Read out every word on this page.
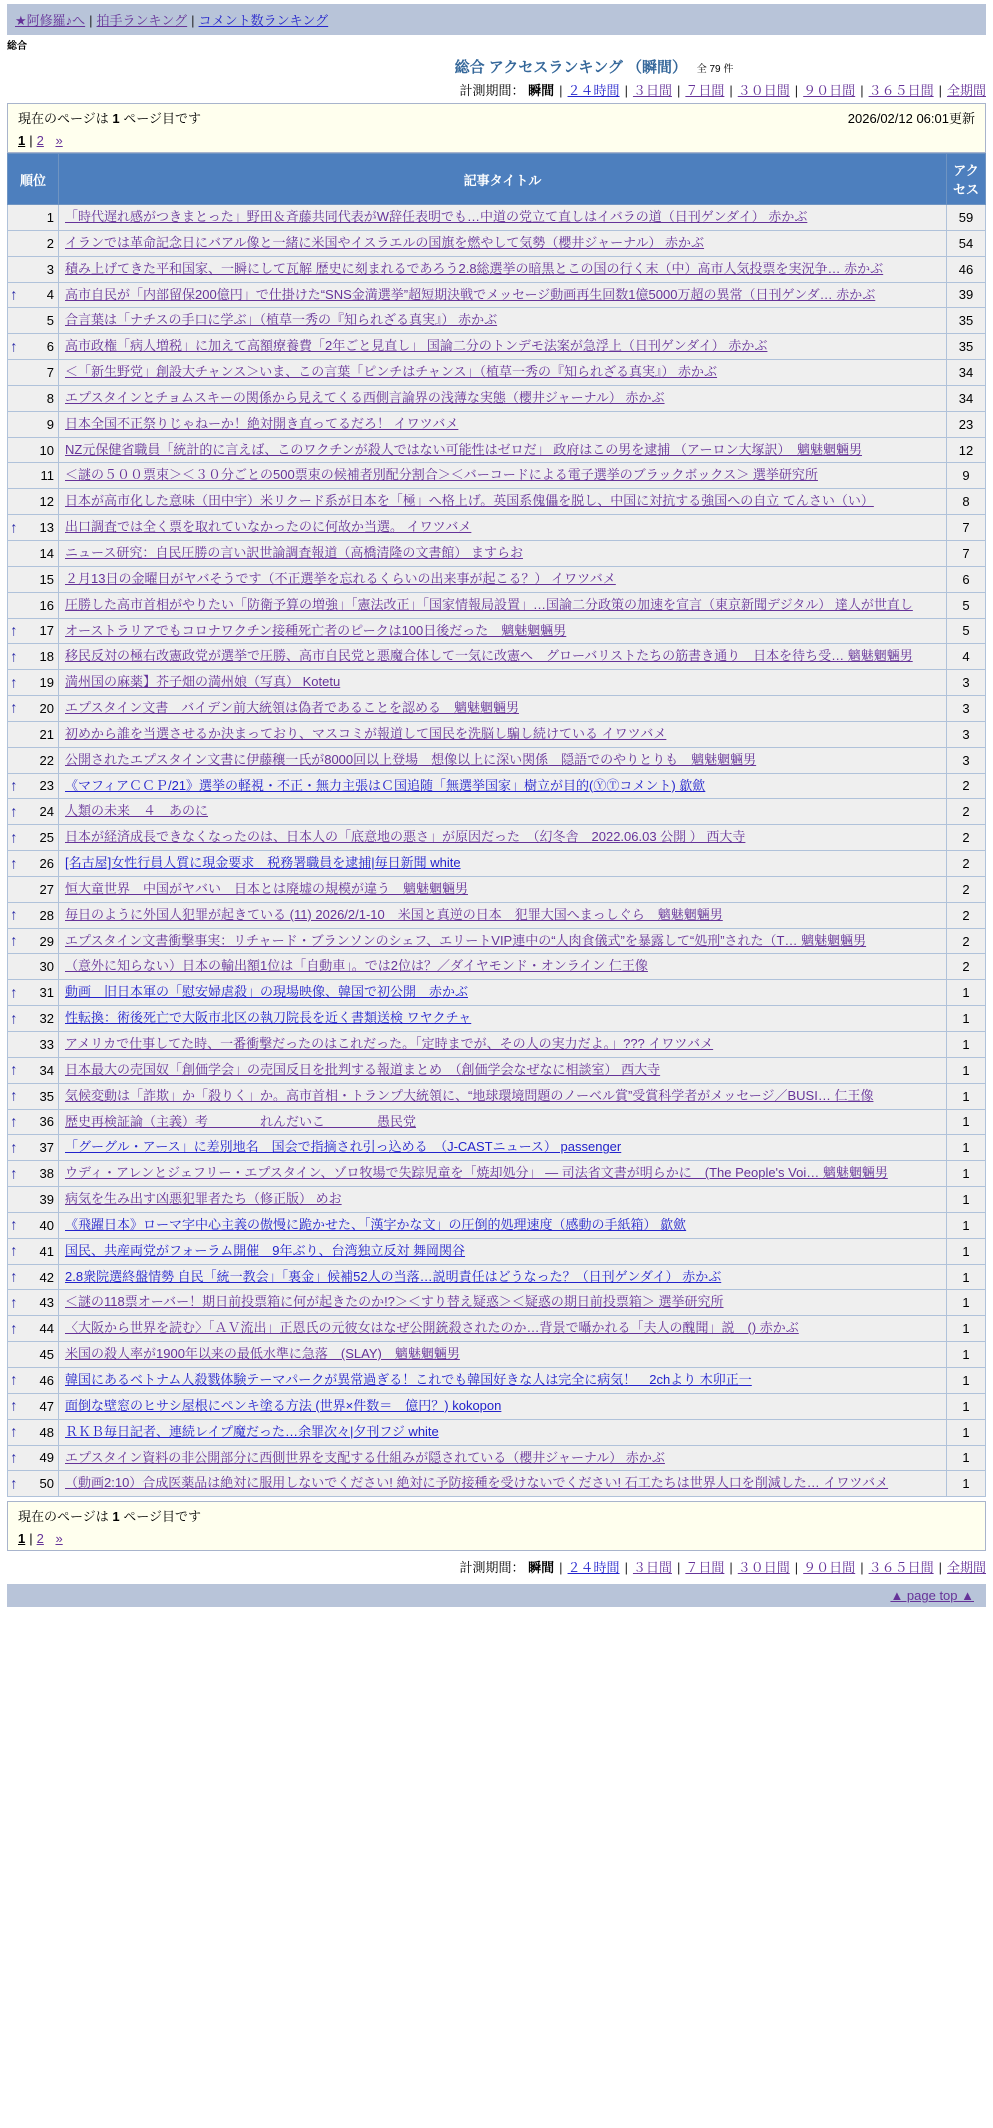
★阿修羅♪へ | 拍手ランキング | コメント数ランキング
総合
総合 アクセスランキング （瞬間） 全 79 件
計測期間： 瞬間 | ２４時間 | ３日間 | ７日間 | ３０日間 | ９０日間 | ３６５日間 | 全期間
現在のページは 1 ページ目です	2026/02/12 06:01更新
1 | 2 »
順位	記事タイトル	アクセス
1	「時代遅れ感がつきまとった」野田＆斉藤共同代表がW辞任表明でも…中道の党立て直しはイバラの道（日刊ゲンダイ） 赤かぶ	59
2	イランでは革命記念日にバアル像と一緒に米国やイスラエルの国旗を燃やして気勢（櫻井ジャーナル） 赤かぶ	54
3	積み上げてきた平和国家、一瞬にして瓦解 歴史に刻まれるであろう2.8総選挙の暗黒とこの国の行く末（中）高市人気投票を実況争… 赤かぶ	46

↑ 4	高市自民が「内部留保200億円」で仕掛けた“SNS金満選挙”超短期決戦でメッセージ動画再生回数1億5000万超の異常（日刊ゲンダ… 赤かぶ	39
5	合言葉は「ナチスの手口に学ぶ」（植草一秀の『知られざる真実』） 赤かぶ	35

↑ 6	高市政権「病人増税」に加えて高額療養費「2年ごと見直し」 国論二分のトンデモ法案が急浮上（日刊ゲンダイ） 赤かぶ	35
7	＜「新生野党」創設大チャンス＞いま、この言葉「ピンチはチャンス」（植草一秀の『知られざる真実』） 赤かぶ	34
8	エプスタインとチョムスキーの関係から見えてくる西側言論界の浅薄な実態（櫻井ジャーナル） 赤かぶ	34
9	日本全国不正祭りじゃねーか！絶対開き直ってるだろ！ イワツバメ	23
10	NZ元保健省職員「統計的に言えば、このワクチンが殺人ではない可能性はゼロだ」 政府はこの男を逮捕 （アーロン大塚訳）　魑魅魍魎男	12
11	＜謎の５００票束＞＜３０分ごとの500票束の候補者別配分割合＞＜バーコードによる電子選挙のブラックボックス＞ 選挙研究所	9
12	日本が高市化した意味（田中宇）米リクード系が日本を「極」へ格上げ。英国系傀儡を脱し、中国に対抗する強国への自立 てんさい（い）	8

↑ 13	出口調査では全く票を取れていなかったのに何故か当選。 イワツバメ	7
14	ニュース研究：自民圧勝の言い訳世論調査報道（高橋清隆の文書館） ますらお	7
15	２月13日の金曜日がヤバそうです（不正選挙を忘れるくらいの出来事が起こる？） イワツバメ	6
16	圧勝した高市首相がやりたい「防衛予算の増強」「憲法改正」「国家情報局設置」…国論二分政策の加速を宣言（東京新聞デジタル） 達人が世直し	5

↑ 17	オーストラリアでもコロナワクチン接種死亡者のピークは100日後だった　魑魅魍魎男	5

↑ 18	移民反対の極右改憲政党が選挙で圧勝、高市自民党と悪魔合体して一気に改憲へ　グローバリストたちの筋書き通り　日本を待ち受… 魑魅魍魎男	4

↑ 19	満州国の麻薬】芥子畑の満州娘（写真） Kotetu	3

↑ 20	エプスタイン文書　バイデン前大統領は偽者であることを認める　魑魅魍魎男	3
21	初めから誰を当選させるか決まっており、マスコミが報道して国民を洗脳し騙し続けている イワツバメ	3
22	公開されたエプスタイン文書に伊藤穰一氏が8000回以上登場　想像以上に深い関係　隠語でのやりとりも　魑魅魍魎男	3

↑ 23	《マフィアＣＣＰ/21》選挙の軽視・不正・無力主張はＣ国追随「無選挙国家」樹立が目的(ⓎⓉコメント) 歙歛	2

↑ 24	人類の未来　４　あのに	2

↑ 25	日本が経済成長できなくなったのは、日本人の「底意地の悪さ」が原因だった　（幻冬舎　2022.06.03 公開 ） 西大寺	2

↑ 26	[名古屋]女性行員人質に現金要求　税務署職員を逮捕|毎日新聞 white	2
27	恒大童世界　中国がヤバい　日本とは廃墟の規模が違う　魑魅魍魎男	2

↑ 28	毎日のように外国人犯罪が起きている (11) 2026/2/1-10　米国と真逆の日本　犯罪大国へまっしぐら　魑魅魍魎男	2

↑ 29	エプスタイン文書衝撃事実：リチャード・ブランソンのシェフ、エリートVIP連中の“人肉食儀式”を暴露して“処刑”された（T… 魑魅魍魎男	2
30	（意外に知らない）日本の輸出額1位は「自動車」。では2位は？／ダイヤモンド・オンライン 仁王像	2

↑ 31	動画　旧日本軍の「慰安婦虐殺」の現場映像、韓国で初公開　赤かぶ	1

↑ 32	性転換：術後死亡で大阪市北区の執刀院長を近く書類送検 ワヤクチャ	1
33	アメリカで仕事してた時、一番衝撃だったのはこれだった。「定時までが、その人の実力だよ。」??? イワツバメ	1

↑ 34	日本最大の売国奴「創価学会」の売国反日を批判する報道まとめ　（創価学会なぜなに相談室） 西大寺	1

↑ 35	気候変動は「詐欺」か「殺りく」か。高市首相・トランプ大統領に、“地球環境問題のノーベル賞”受賞科学者がメッセージ／BUSI… 仁王像	1

↑ 36	歴史再検証論（主義）考　　　　れんだいこ　　　　愚民党	1

↑ 37	「グーグル・アース」に差別地名　国会で指摘され引っ込める　（J-CASTニュース） passenger	1

↑ 38	ウディ・アレンとジェフリー・エプスタイン、ゾロ牧場で失踪児童を「焼却処分」 ― 司法省文書が明らかに　(The People's Voi… 魑魅魍魎男	1
39	病気を生み出す凶悪犯罪者たち（修正版） めお	1

↑ 40	《飛躍日本》ローマ字中心主義の傲慢に跪かせた、「漢字かな文」の圧倒的処理速度（感動の手紙箱） 歙歛	1

↑ 41	国民、共産両党がフォーラム開催　9年ぶり、台湾独立反対 舞岡関谷	1

↑ 42	2.8衆院選終盤情勢 自民「統一教会」「裏金」候補52人の当落…説明責任はどうなった？（日刊ゲンダイ） 赤かぶ	1

↑ 43	＜謎の118票オーバー！期日前投票箱に何が起きたのか!?＞＜すり替え疑惑＞＜疑惑の期日前投票箱＞ 選挙研究所	1

↑ 44	〈大阪から世界を読む〉「ＡＶ流出」正恩氏の元彼女はなぜ公開銃殺されたのか…背景で囁かれる「夫人の醜聞」説　() 赤かぶ	1
45	米国の殺人率が1900年以来の最低水準に急落　(SLAY)　魑魅魍魎男	1

↑ 46	韓国にあるベトナム人殺戮体験テーマパークが異常過ぎる！これでも韓国好きな人は完全に病気！　2chより 木卯正一	1

↑ 47	面倒な壁窓のヒサシ屋根にペンキ塗る方法 (世界×件数＝　億円？) kokopon	1

↑ 48	ＲＫＢ毎日記者、連続レイプ魔だった…余罪次々|夕刊フジ white	1

↑ 49	エプスタイン資料の非公開部分に西側世界を支配する仕組みが隠されている（櫻井ジャーナル） 赤かぶ	1

↑ 50	（動画2:10）合成医薬品は絶対に服用しないでください! 絶対に予防接種を受けないでください! 石工たちは世界人口を削減した… イワツバメ	1
現在のページは 1 ページ目です
1 | 2 »
計測期間： 瞬間 | ２４時間 | ３日間 | ７日間 | ３０日間 | ９０日間 | ３６５日間 | 全期間
▲ page top ▲
